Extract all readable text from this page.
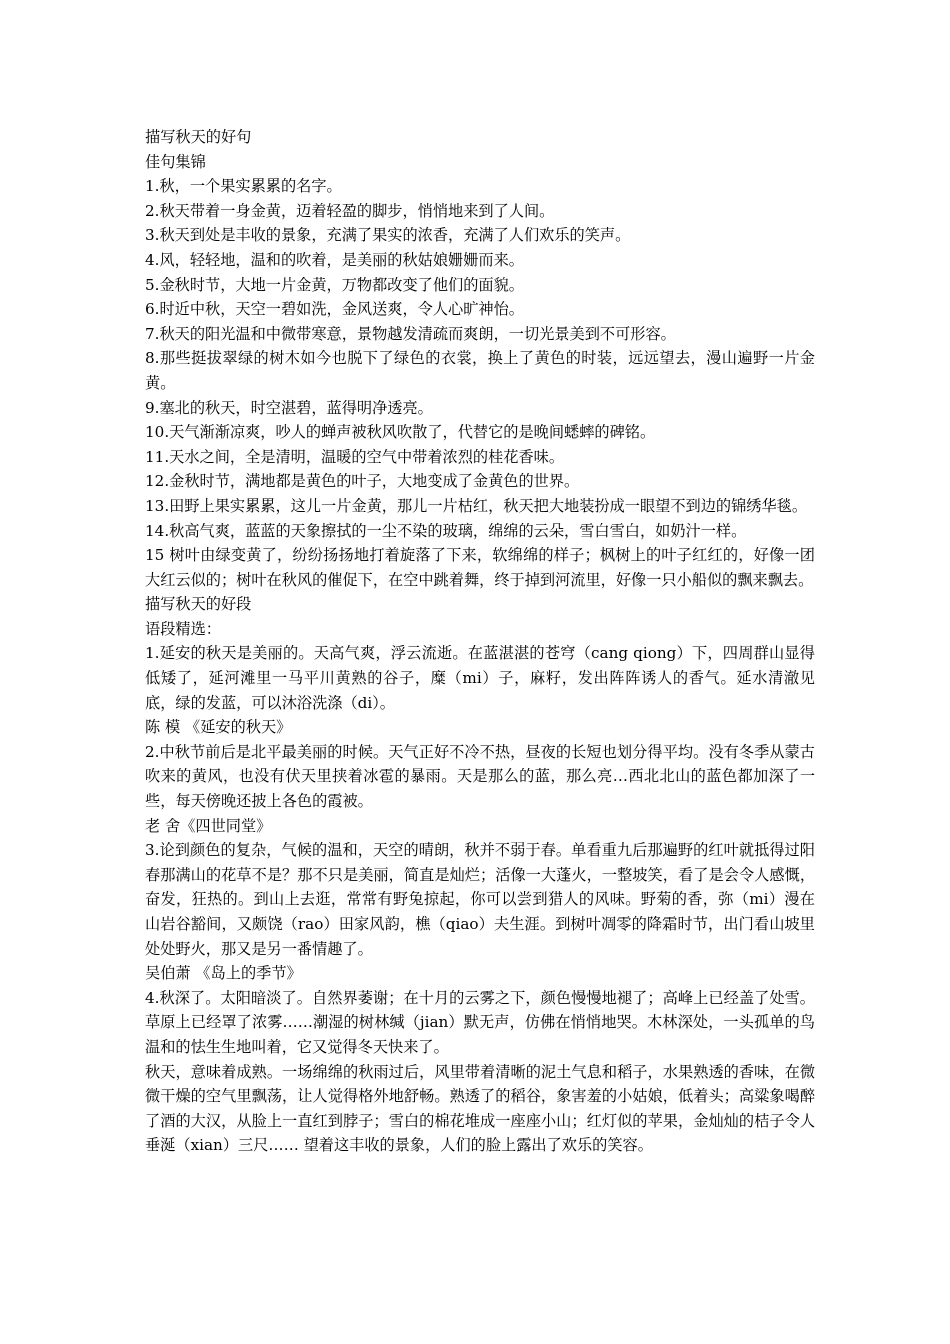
描写秋天的好句

佳句集锦

1.秋，一个果实累累的名字。

2.秋天带着一身金黄，迈着轻盈的脚步，悄悄地来到了人间。

3.秋天到处是丰收的景象，充满了果实的浓香，充满了人们欢乐的笑声。

4.风，轻轻地，温和的吹着，是美丽的秋姑娘姗姗而来。

5.金秋时节，大地一片金黄，万物都改变了他们的面貌。

6.时近中秋，天空一碧如洗，金风送爽，令人心旷神怡。

7.秋天的阳光温和中微带寒意，景物越发清疏而爽朗，一切光景美到不可形容。

8.那些挺拔翠绿的树木如今也脱下了绿色的衣裳，换上了黄色的时装，远远望去，漫山遍野一片金黄。

9.塞北的秋天，时空湛碧，蓝得明净透亮。

10.天气渐渐凉爽，吵人的蝉声被秋风吹散了，代替它的是晚间蟋蟀的碑铭。

11.天水之间，全是清明，温暖的空气中带着浓烈的桂花香味。

12.金秋时节，满地都是黄色的叶子，大地变成了金黄色的世界。

13.田野上果实累累，这儿一片金黄，那儿一片枯红，秋天把大地装扮成一眼望不到边的锦绣华毯。

14.秋高气爽，蓝蓝的天象擦拭的一尘不染的玻璃，绵绵的云朵，雪白雪白，如奶汁一样。

15 树叶由绿变黄了，纷纷扬扬地打着旋落了下来，软绵绵的样子；枫树上的叶子红红的，好像一团大红云似的；树叶在秋风的催促下，在空中跳着舞，终于掉到河流里，好像一只小船似的飘来飘去。

描写秋天的好段

语段精选：

1.延安的秋天是美丽的。天高气爽，浮云流逝。在蓝湛湛的苍穹（cang qiong）下，四周群山显得低矮了，延河滩里一马平川黄熟的谷子，糜（mi）子，麻籽，发出阵阵诱人的香气。延水清澈见底，绿的发蓝，可以沐浴洗涤（di）。

陈 模 《延安的秋天》

2.中秋节前后是北平最美丽的时候。天气正好不冷不热，昼夜的长短也划分得平均。没有冬季从蒙古吹来的黄风，也没有伏天里挟着冰雹的暴雨。天是那么的蓝，那么亮…西北北山的蓝色都加深了一些，每天傍晚还披上各色的霞被。

老 舍《四世同堂》

3.论到颜色的复杂，气候的温和，天空的晴朗，秋并不弱于春。单看重九后那遍野的红叶就抵得过阳春那满山的花草不是？那不只是美丽，简直是灿烂；活像一大蓬火，一整坡笑，看了是会令人感慨，奋发，狂热的。到山上去逛，常常有野兔掠起，你可以尝到猎人的风味。野菊的香，弥（mi）漫在山岩谷豁间，又颇饶（rao）田家风韵，樵（qiao）夫生涯。到树叶凋零的降霜时节，出门看山坡里处处野火，那又是另一番情趣了。

吴伯萧 《岛上的季节》

4.秋深了。太阳暗淡了。自然界萎谢；在十月的云雾之下，颜色慢慢地褪了；高峰上已经盖了处雪。草原上已经罩了浓雾……潮湿的树林缄（jian）默无声，仿佛在悄悄地哭。木林深处，一头孤单的鸟温和的怯生生地叫着，它又觉得冬天快来了。

秋天，意味着成熟。一场绵绵的秋雨过后，风里带着清晰的泥土气息和稻子，水果熟透的香味，在微微干燥的空气里飘荡，让人觉得格外地舒畅。熟透了的稻谷，象害羞的小姑娘，低着头；高粱象喝醉了酒的大汉，从脸上一直红到脖子；雪白的棉花堆成一座座小山；红灯似的苹果，金灿灿的桔子令人垂涎（xian）三尺…… 望着这丰收的景象，人们的脸上露出了欢乐的笑容。
